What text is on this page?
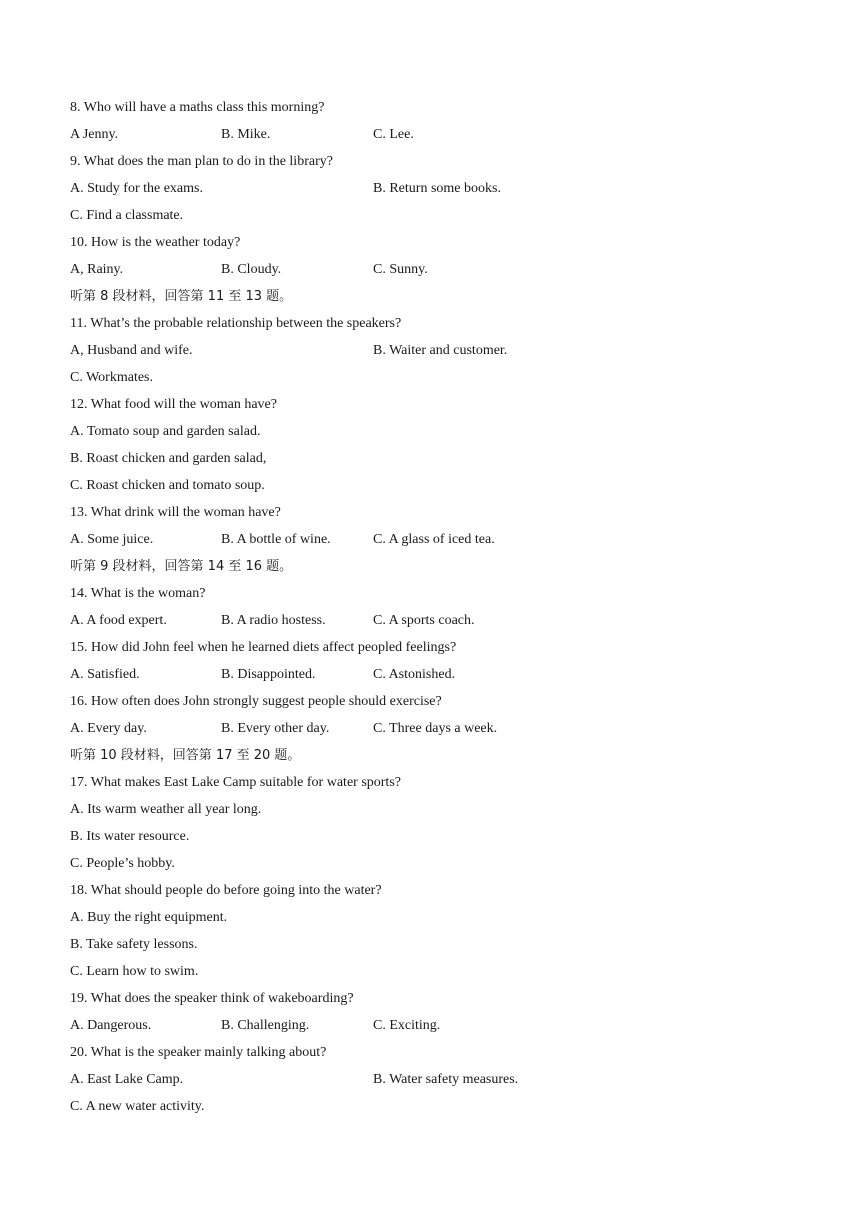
8. Who will have a maths class this morning?
A Jenny.	B. Mike.	C. Lee.
9. What does the man plan to do in the library?
A. Study for the exams.	B. Return some books.
C. Find a classmate.
10. How is the weather today?
A, Rainy.	B. Cloudy.	C. Sunny.
听第 8 段材料，回答第 11 至 13 题。
11. What’s the probable relationship between the speakers?
A, Husband and wife.	B. Waiter and customer.
C. Workmates.
12. What food will the woman have?
A. Tomato soup and garden salad.
B. Roast chicken and garden salad,
C. Roast chicken and tomato soup.
13. What drink will the woman have?
A. Some juice.	B. A bottle of wine.	C. A glass of iced tea.
听第 9 段材料，回答第 14 至 16 题。
14. What is the woman?
A. A food expert.	B. A radio hostess.	C. A sports coach.
15. How did John feel when he learned diets affect peopled feelings?
A. Satisfied.	B. Disappointed.	C. Astonished.
16. How often does John strongly suggest people should exercise?
A. Every day.	B. Every other day.	C. Three days a week.
听第 10 段材料，回答第 17 至 20 题。
17. What makes East Lake Camp suitable for water sports?
A. Its warm weather all year long.
B. Its water resource.
C. People’s hobby.
18. What should people do before going into the water?
A. Buy the right equipment.
B. Take safety lessons.
C. Learn how to swim.
19. What does the speaker think of wakeboarding?
A. Dangerous.	B. Challenging.	C. Exciting.
20. What is the speaker mainly talking about?
A. East Lake Camp.	B. Water safety measures.
C. A new water activity.
